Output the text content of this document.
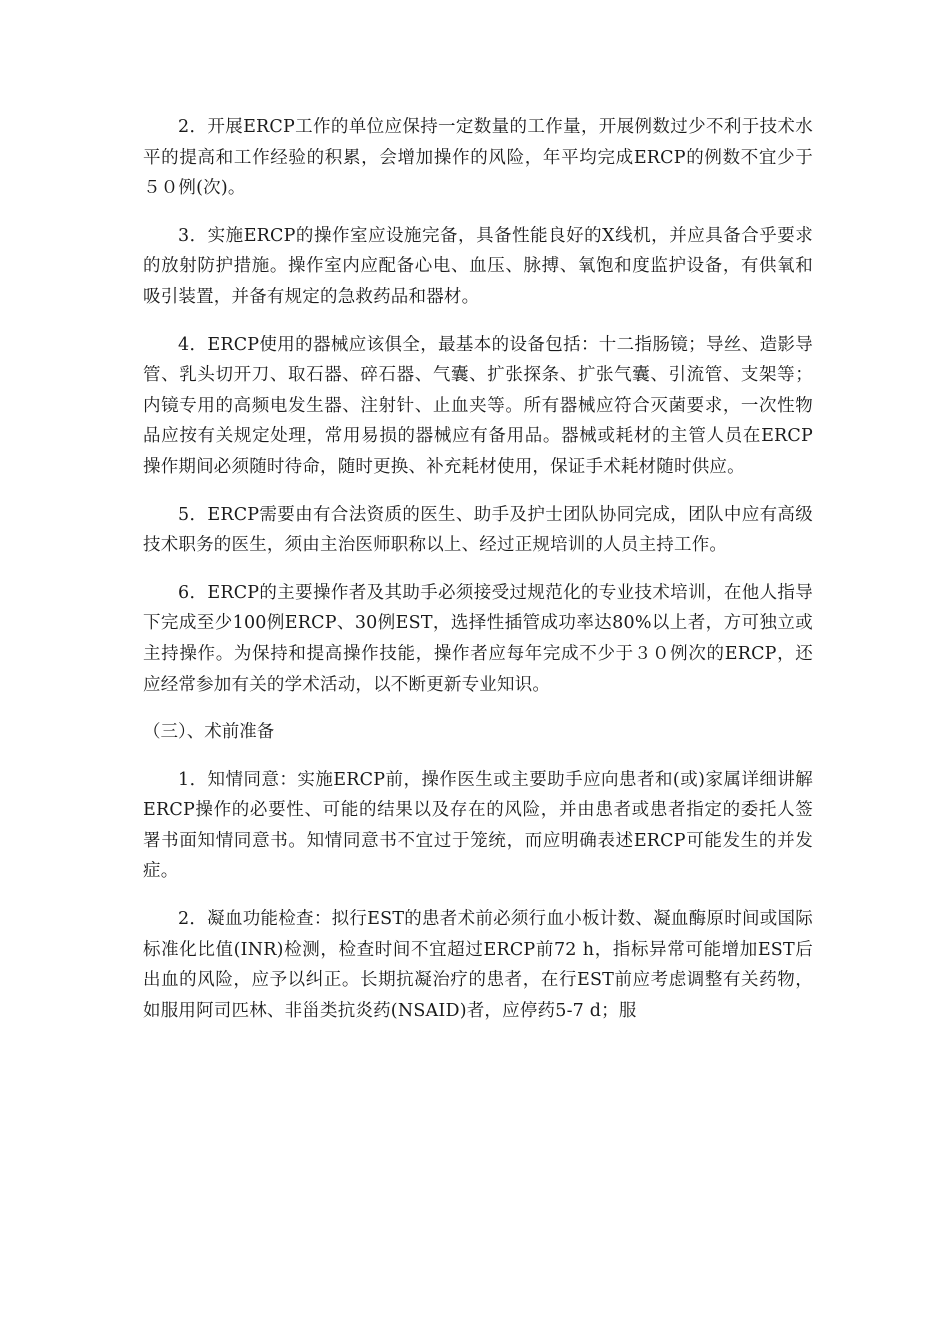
2．开展ERCP工作的单位应保持一定数量的工作量，开展例数过少不利于技术水平的提高和工作经验的积累，会增加操作的风险，年平均完成ERCP的例数不宜少于５０例(次)。

3．实施ERCP的操作室应设施完备，具备性能良好的X线机，并应具备合乎要求的放射防护措施。操作室内应配备心电、血压、脉搏、氧饱和度监护设备，有供氧和吸引装置，并备有规定的急救药品和器材。

4．ERCP使用的器械应该俱全，最基本的设备包括：十二指肠镜；导丝、造影导管、乳头切开刀、取石器、碎石器、气囊、扩张探条、扩张气囊、引流管、支架等；内镜专用的高频电发生器、注射针、止血夹等。所有器械应符合灭菌要求，一次性物品应按有关规定处理，常用易损的器械应有备用品。器械或耗材的主管人员在ERCP操作期间必须随时待命，随时更换、补充耗材使用，保证手术耗材随时供应。

5．ERCP需要由有合法资质的医生、助手及护士团队协同完成，团队中应有高级技术职务的医生，须由主治医师职称以上、经过正规培训的人员主持工作。

6．ERCP的主要操作者及其助手必须接受过规范化的专业技术培训，在他人指导下完成至少100例ERCP、30例EST，选择性插管成功率达80%以上者，方可独立或主持操作。为保持和提高操作技能，操作者应每年完成不少于３０例次的ERCP，还应经常参加有关的学术活动，以不断更新专业知识。

（三）、术前准备

1．知情同意：实施ERCP前，操作医生或主要助手应向患者和(或)家属详细讲解ERCP操作的必要性、可能的结果以及存在的风险，并由患者或患者指定的委托人签署书面知情同意书。知情同意书不宜过于笼统，而应明确表述ERCP可能发生的并发症。

2．凝血功能检查：拟行EST的患者术前必须行血小板计数、凝血酶原时间或国际标准化比值(INR)检测，检查时间不宜超过ERCP前72 h，指标异常可能增加EST后出血的风险，应予以纠正。长期抗凝治疗的患者，在行EST前应考虑调整有关药物，如服用阿司匹林、非甾类抗炎药(NSAID)者，应停药5-7 d；服
